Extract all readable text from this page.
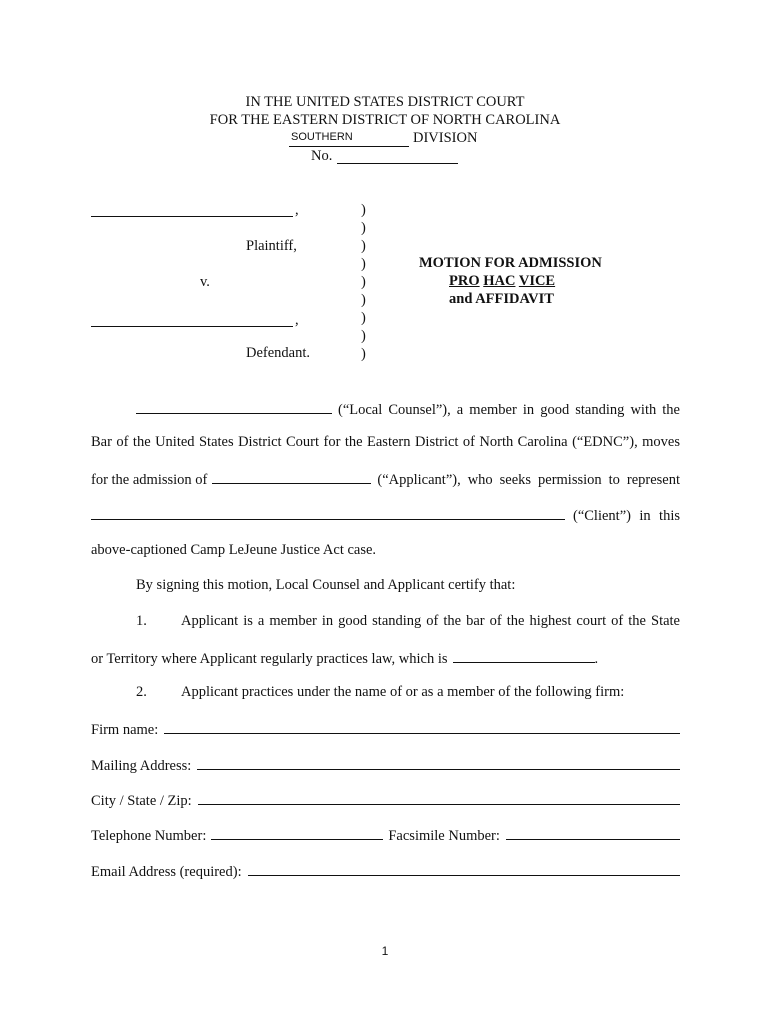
IN THE UNITED STATES DISTRICT COURT
FOR THE EASTERN DISTRICT OF NORTH CAROLINA
SOUTHERN	DIVISION
No.
,
Plaintiff,
v.
,
Defendant.
)
)
)
)
)
)
)
)
)
MOTION FOR ADMISSION
PRO HAC VICE
and AFFIDAVIT
(“Local Counsel”), a member in good standing with the
Bar of the United States District Court for the Eastern District of North Carolina (“EDNC”), moves
for the admission of	(“Applicant”), who seeks permission to represent
(“Client”) in this
above-captioned Camp LeJeune Justice Act case.
By signing this motion, Local Counsel and Applicant certify that:
1. Applicant is a member in good standing of the bar of the highest court of the State
or Territory where Applicant regularly practices law, which is	.
2. Applicant practices under the name of or as a member of the following firm:
Firm name:
Mailing Address:
City / State / Zip:
Telephone Number:	Facsimile Number:
Email Address (required):
1
